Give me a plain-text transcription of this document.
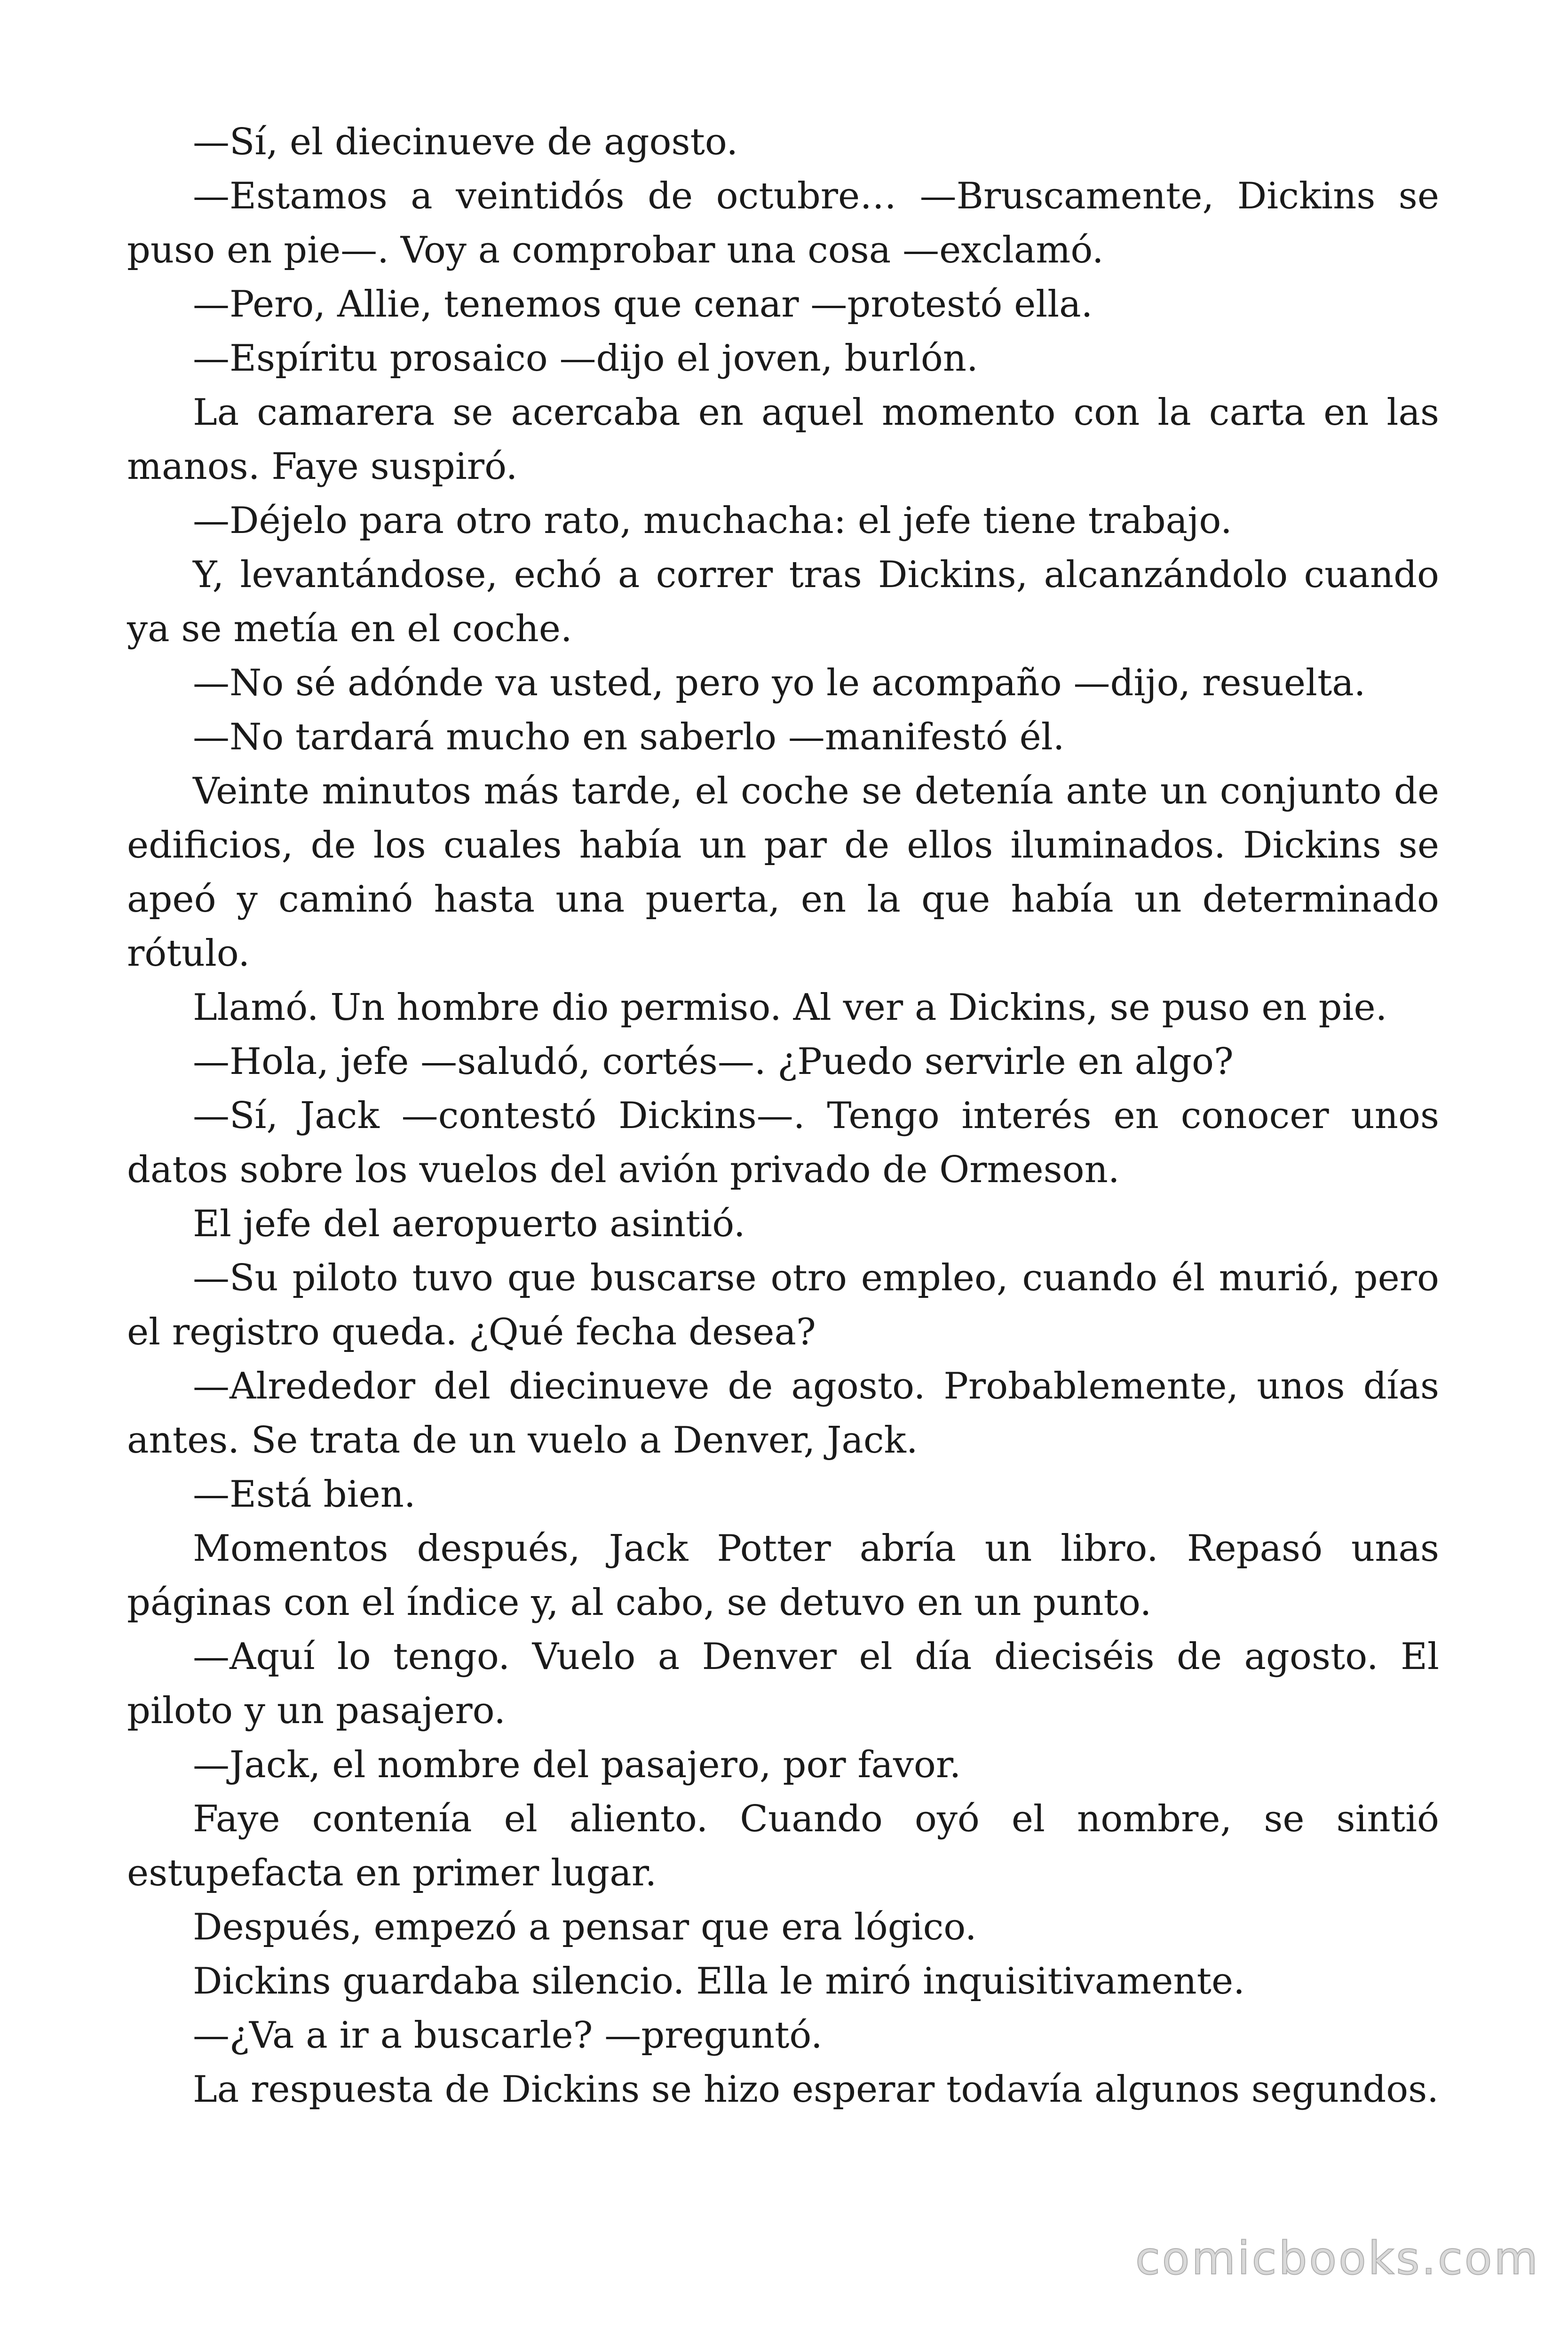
—Sí, el diecinueve de agosto.

—Estamos a veintidós de octubre… —Bruscamente, Dickins se puso en pie—. Voy a comprobar una cosa —exclamó.

—Pero, Allie, tenemos que cenar —protestó ella.

—Espíritu prosaico —dijo el joven, burlón.

La camarera se acercaba en aquel momento con la carta en las manos. Faye suspiró.

—Déjelo para otro rato, muchacha: el jefe tiene trabajo.

Y, levantándose, echó a correr tras Dickins, alcanzándolo cuando ya se metía en el coche.

—No sé adónde va usted, pero yo le acompaño —dijo, resuelta.

—No tardará mucho en saberlo —manifestó él.

Veinte minutos más tarde, el coche se detenía ante un conjunto de edificios, de los cuales había un par de ellos iluminados. Dickins se apeó y caminó hasta una puerta, en la que había un determinado rótulo.

Llamó. Un hombre dio permiso. Al ver a Dickins, se puso en pie.

—Hola, jefe —saludó, cortés—. ¿Puedo servirle en algo?

—Sí, Jack —contestó Dickins—. Tengo interés en conocer unos datos sobre los vuelos del avión privado de Ormeson.

El jefe del aeropuerto asintió.

—Su piloto tuvo que buscarse otro empleo, cuando él murió, pero el registro queda. ¿Qué fecha desea?

—Alrededor del diecinueve de agosto. Probablemente, unos días antes. Se trata de un vuelo a Denver, Jack.

—Está bien.

Momentos después, Jack Potter abría un libro. Repasó unas páginas con el índice y, al cabo, se detuvo en un punto.

—Aquí lo tengo. Vuelo a Denver el día dieciséis de agosto. El piloto y un pasajero.

—Jack, el nombre del pasajero, por favor.

Faye contenía el aliento. Cuando oyó el nombre, se sintió estupefacta en primer lugar.

Después, empezó a pensar que era lógico.

Dickins guardaba silencio. Ella le miró inquisitivamente.

—¿Va a ir a buscarle? —preguntó.

La respuesta de Dickins se hizo esperar todavía algunos segundos.

comicbooks.com
